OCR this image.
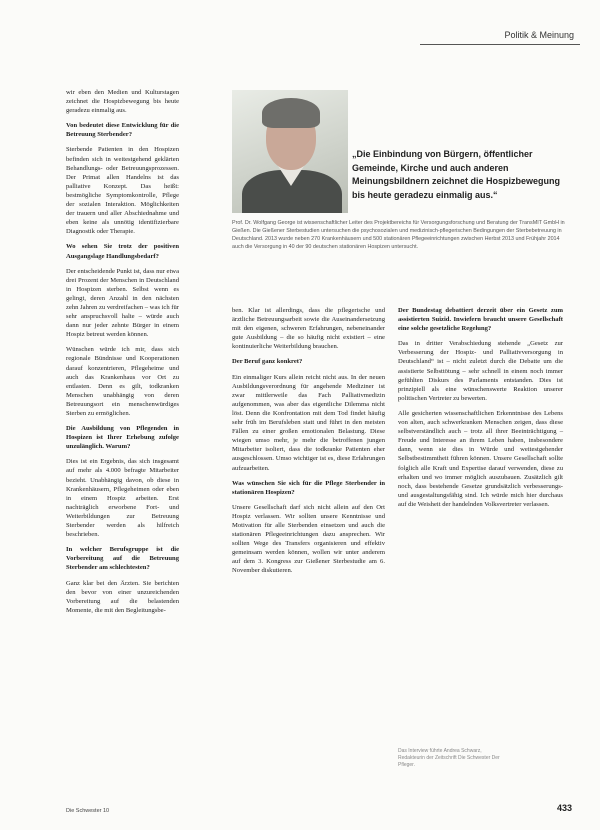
Politik & Meinung

wir eben den Medien und Kulturstagen zeichnet die Hospizbewegung bis heute geradezu einmalig aus.

Von bedeutet diese Entwicklung für die Betreuung Sterbender?

Sterbende Patienten in den Hospizen befinden sich in weitestgehend geklärten Behandlungs- oder Betreuungsprozessen. Der Primat allen Handelns ist das palliative Konzept. Das heißt: bestmögliche Symptomkontrolle, Pflege der sozialen Interaktion. Möglichkeiten der trauern und aller Abschiednahme und eben keine als unnötig identifizierbare Diagnostik oder Therapie.

Wo sehen Sie trotz der positiven Ausgangslage Handlungsbedarf?

Der entscheidende Punkt ist, dass nur etwa drei Prozent der Menschen in Deutschland in Hospizen sterben. Selbst wenn es gelingt, deren Anzahl in den nächsten zehn Jahren zu verdreifachen – was ich für sehr anspruchsvoll halte – würde auch dann nur jeder zehnte Bürger in einem Hospiz betreut werden können.

Wünschen würde ich mir, dass sich regionale Bündnisse und Kooperationen darauf konzentrieren, Pflegeheime und auch das Krankenhaus vor Ort zu entlasten. Denn es gilt, todkranken Menschen unabhängig von deren Betreuungsort ein menschenwürdiges Sterben zu ermöglichen.

Die Ausbildung von Pflegenden in Hospizen ist Ihrer Erhebung zufolge unzulänglich. Warum?

Dies ist ein Ergebnis, das sich insgesamt auf mehr als 4.000 befragte Mitarbeiter bezieht. Unabhängig davon, ob diese in Krankenhäusern, Pflegeheimen oder eben in einem Hospiz arbeiten. Erst nachträglich erworbene Fort- und Weiterbildungen zur Betreuung Sterbender werden als hilfreich beschrieben.

In welcher Berufsgruppe ist die Vorbereitung auf die Betreuung Sterbender am schlechtesten?

Ganz klar bei den Ärzten. Sie berichten den bevor von einer unzureichenden Vorbereitung auf die belastenden Momente, die mit den Begleitungsbe-

„Die Einbindung von Bürgern, öffentlicher Gemeinde, Kirche und auch anderen Meinungsbildnern zeichnet die Hospizbewegung bis heute geradezu einmalig aus.“
Prof. Dr. Wolfgang George ist wissenschaftlicher Leiter des Projektbereichs für Versorgungsforschung und Beratung der TransMIT GmbH in Gießen. Die Gießener Sterbestudien untersuchen die psychosozialen und medizinisch-pflegerischen Bedingungen der Sterbebetreuung in Deutschland. 2013 wurde neben 270 Krankenhäusern und 500 stationären Pflegeeinrichtungen zwischen Herbst 2013 und Frühjahr 2014 auch die Versorgung in 40 der 90 deutschen stationären Hospizen untersucht.

ben. Klar ist allerdings, dass die pflegerische und ärztliche Betreuungsarbeit sowie die Auseinandersetzung mit den eigenen, schweren Erfahrungen, nebeneinander gute Ausbildung – die so häufig nicht existiert – eine kontinuierliche Weiterbildung brauchen.

Der Beruf ganz konkret?

Ein einmaliger Kurs allein reicht nicht aus. In der neuen Ausbildungsverordnung für angehende Mediziner ist zwar mittlerweile das Fach Palliativmedizin aufgenommen, was aber das eigentliche Dilemma nicht löst. Denn die Konfrontation mit dem Tod findet häufig sehr früh im Berufsleben statt und führt in den meisten Fällen zu einer großen emotionalen Belastung. Diese wiegen umso mehr, je mehr die betroffenen jungen Mitarbeiter isoliert, dass die todkranke Patienten eher ausgeschlossen. Umso wichtiger ist es, diese Erfahrungen aufzuarbeiten.

Was wünschen Sie sich für die Pflege Sterbender in stationären Hospizen?

Unsere Gesellschaft darf sich nicht allein auf den Ort Hospiz verlassen. Wir sollten unsere Kenntnisse und Motivation für alle Sterbenden einsetzen und auch die stationären Pflegeeinrichtungen dazu ansprechen. Wir sollten Wege des Transfers organisieren und effektiv gemeinsam werden können, wollen wir unter anderem auf dem 3. Kongress zur Gießener Sterbestudie am 6. November diskutieren.

Der Bundestag debattiert derzeit über ein Gesetz zum assistierten Suizid. Inwiefern braucht unsere Gesellschaft eine solche gesetzliche Regelung?

Das in dritter Verabschiedung stehende „Gesetz zur Verbesserung der Hospiz- und Palliativversorgung in Deutschland“ ist – nicht zuletzt durch die Debatte um die assistierte Selbsttötung – sehr schnell in einem noch immer gefühlten Diskurs des Parlaments entstanden. Dies ist prinzipiell als eine wünschenswerte Reaktion unserer politischen Vertreter zu bewerten.

Alle gesicherten wissenschaftlichen Erkenntnisse des Lebens von alten, auch schwerkranken Menschen zeigen, dass diese selbstverständlich auch – trotz all ihrer Beeinträchtigung – Freude und Interesse an ihrem Leben haben, insbesondere dann, wenn sie dies in Würde und weitestgehender Selbstbestimmtheit führen können. Unsere Gesellschaft sollte folglich alle Kraft und Expertise darauf verwenden, diese zu erhalten und wo immer möglich auszubauen. Zusätzlich gilt noch, dass bestehende Gesetze grundsätzlich verbesserungs- und ausgestaltungsfähig sind. Ich würde mich hier durchaus auf die Weisheit der handelnden Volksvertreter verlassen.

Das Interview führte Andrea Schwarz, Redakteurin der Zeitschrift Die Schwester Der Pfleger.
Die Schwester 10	433
